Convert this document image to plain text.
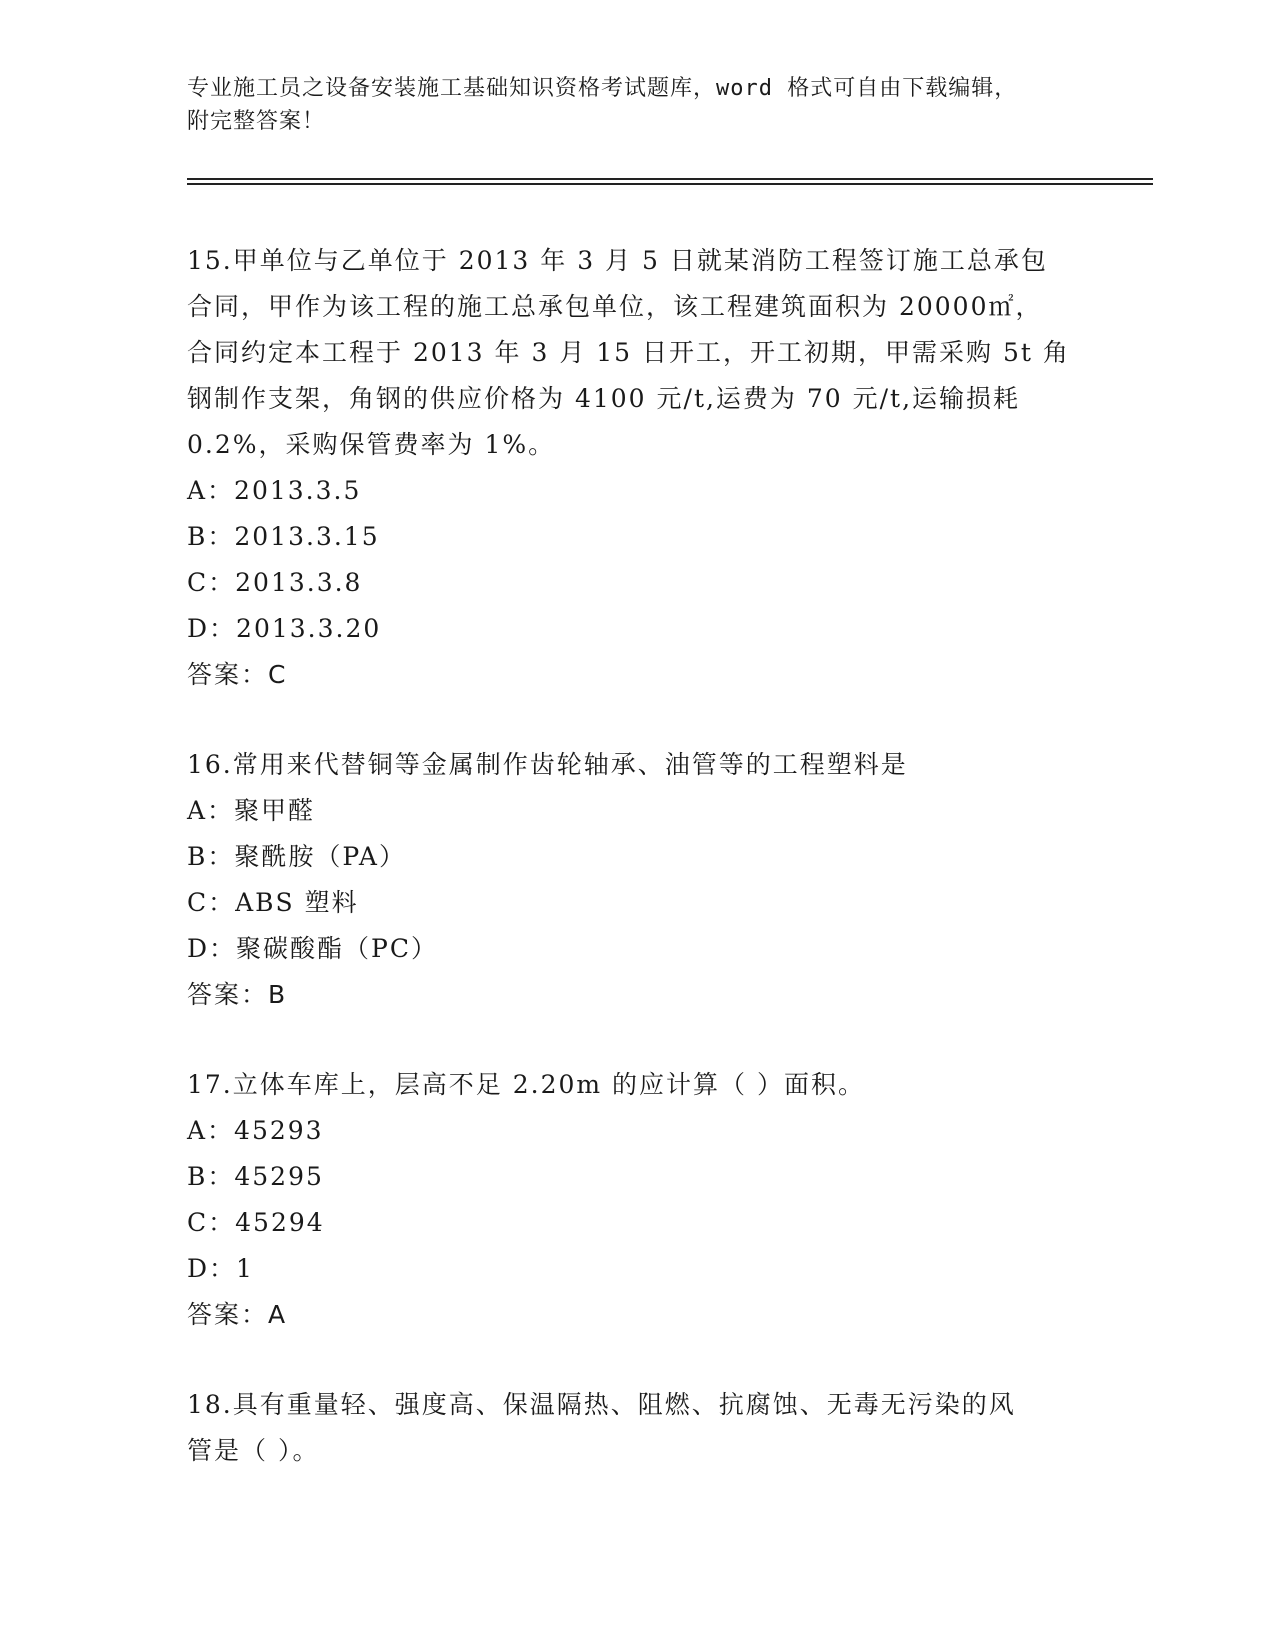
专业施工员之设备安装施工基础知识资格考试题库，word 格式可自由下载编辑，
附完整答案！
15.甲单位与乙单位于 2013 年 3 月 5 日就某消防工程签订施工总承包
合同，甲作为该工程的施工总承包单位，该工程建筑面积为 20000㎡，
合同约定本工程于 2013 年 3 月 15 日开工，开工初期，甲需采购 5t 角
钢制作支架，角钢的供应价格为 4100 元/t,运费为 70 元/t,运输损耗
0.2%，采购保管费率为 1%。
A：2013.3.5
B：2013.3.15
C：2013.3.8
D：2013.3.20
答案：C
16.常用来代替铜等金属制作齿轮轴承、油管等的工程塑料是
A：聚甲醛
B：聚酰胺（PA）
C：ABS 塑料
D：聚碳酸酯（PC）
答案：B
17.立体车库上，层高不足 2.20m 的应计算（ ）面积。
A：45293
B：45295
C：45294
D：1
答案：A
18.具有重量轻、强度高、保温隔热、阻燃、抗腐蚀、无毒无污染的风
管是（ ）。
